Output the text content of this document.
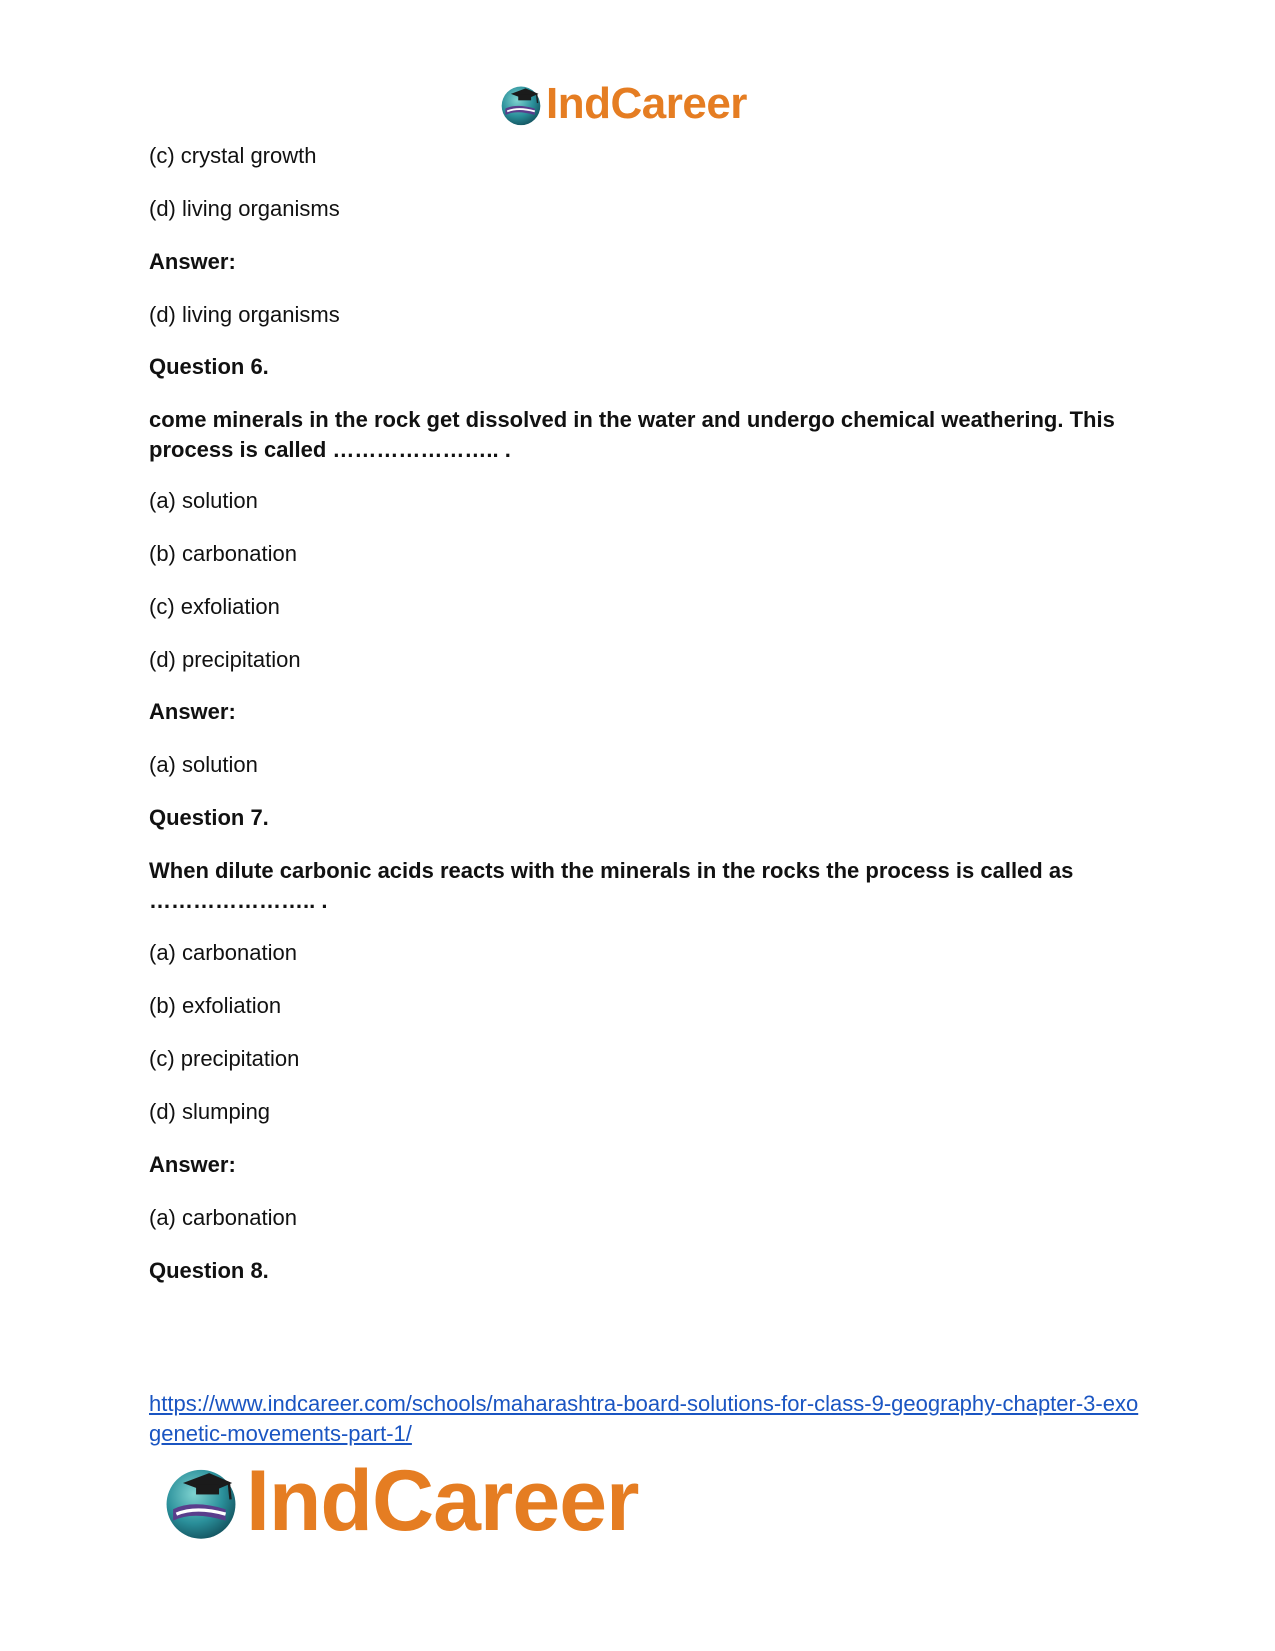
IndCareer
(c) crystal growth
(d) living organisms
Answer:
(d) living organisms
Question 6.
come minerals in the rock get dissolved in the water and undergo chemical weathering. This process is called ………………….. .
(a) solution
(b) carbonation
(c) exfoliation
(d) precipitation
Answer:
(a) solution
Question 7.
When dilute carbonic acids reacts with the minerals in the rocks the process is called as ………………….. .
(a) carbonation
(b) exfoliation
(c) precipitation
(d) slumping
Answer:
(a) carbonation
Question 8.
https://www.indcareer.com/schools/maharashtra-board-solutions-for-class-9-geography-chapter-3-exogenetic-movements-part-1/
IndCareer
